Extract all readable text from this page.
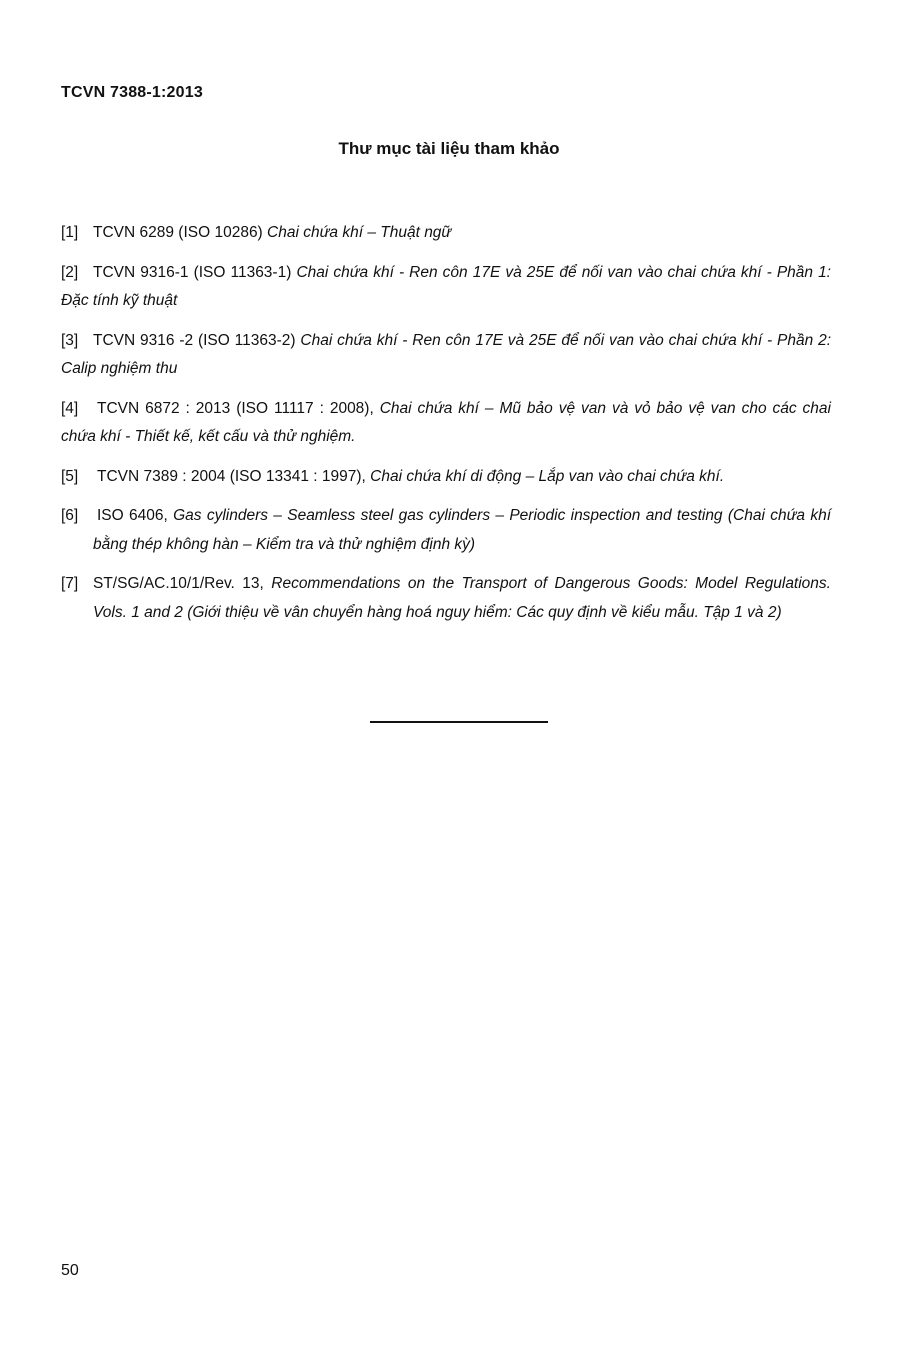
TCVN 7388-1:2013
Thư mục tài liệu tham khảo

[1] TCVN 6289 (ISO 10286) Chai chứa khí – Thuật ngữ

[2] TCVN 9316-1 (ISO 11363-1) Chai chứa khí - Ren côn 17E và 25E để nối van vào chai chứa khí - Phần 1: Đặc tính kỹ thuật

[3] TCVN 9316 -2 (ISO 11363-2) Chai chứa khí - Ren côn 17E và 25E để nối van vào chai chứa khí - Phần 2: Calip nghiệm thu

[4] TCVN 6872 : 2013 (ISO 11117 : 2008), Chai chứa khí – Mũ bảo vệ van và vỏ bảo vệ van cho các chai chứa khí - Thiết kế, kết cấu và thử nghiệm.

[5] TCVN 7389 : 2004 (ISO 13341 : 1997), Chai chứa khí di động – Lắp van vào chai chứa khí.

[6] ISO 6406, Gas cylinders – Seamless steel gas cylinders – Periodic inspection and testing (Chai chứa khí bằng thép không hàn – Kiểm tra và thử nghiệm định kỳ)

[7] ST/SG/AC.10/1/Rev. 13, Recommendations on the Transport of Dangerous Goods: Model Regulations. Vols. 1 and 2 (Giới thiệu về vân chuyển hàng hoá nguy hiểm: Các quy định về kiểu mẫu. Tập 1 và 2)

50
